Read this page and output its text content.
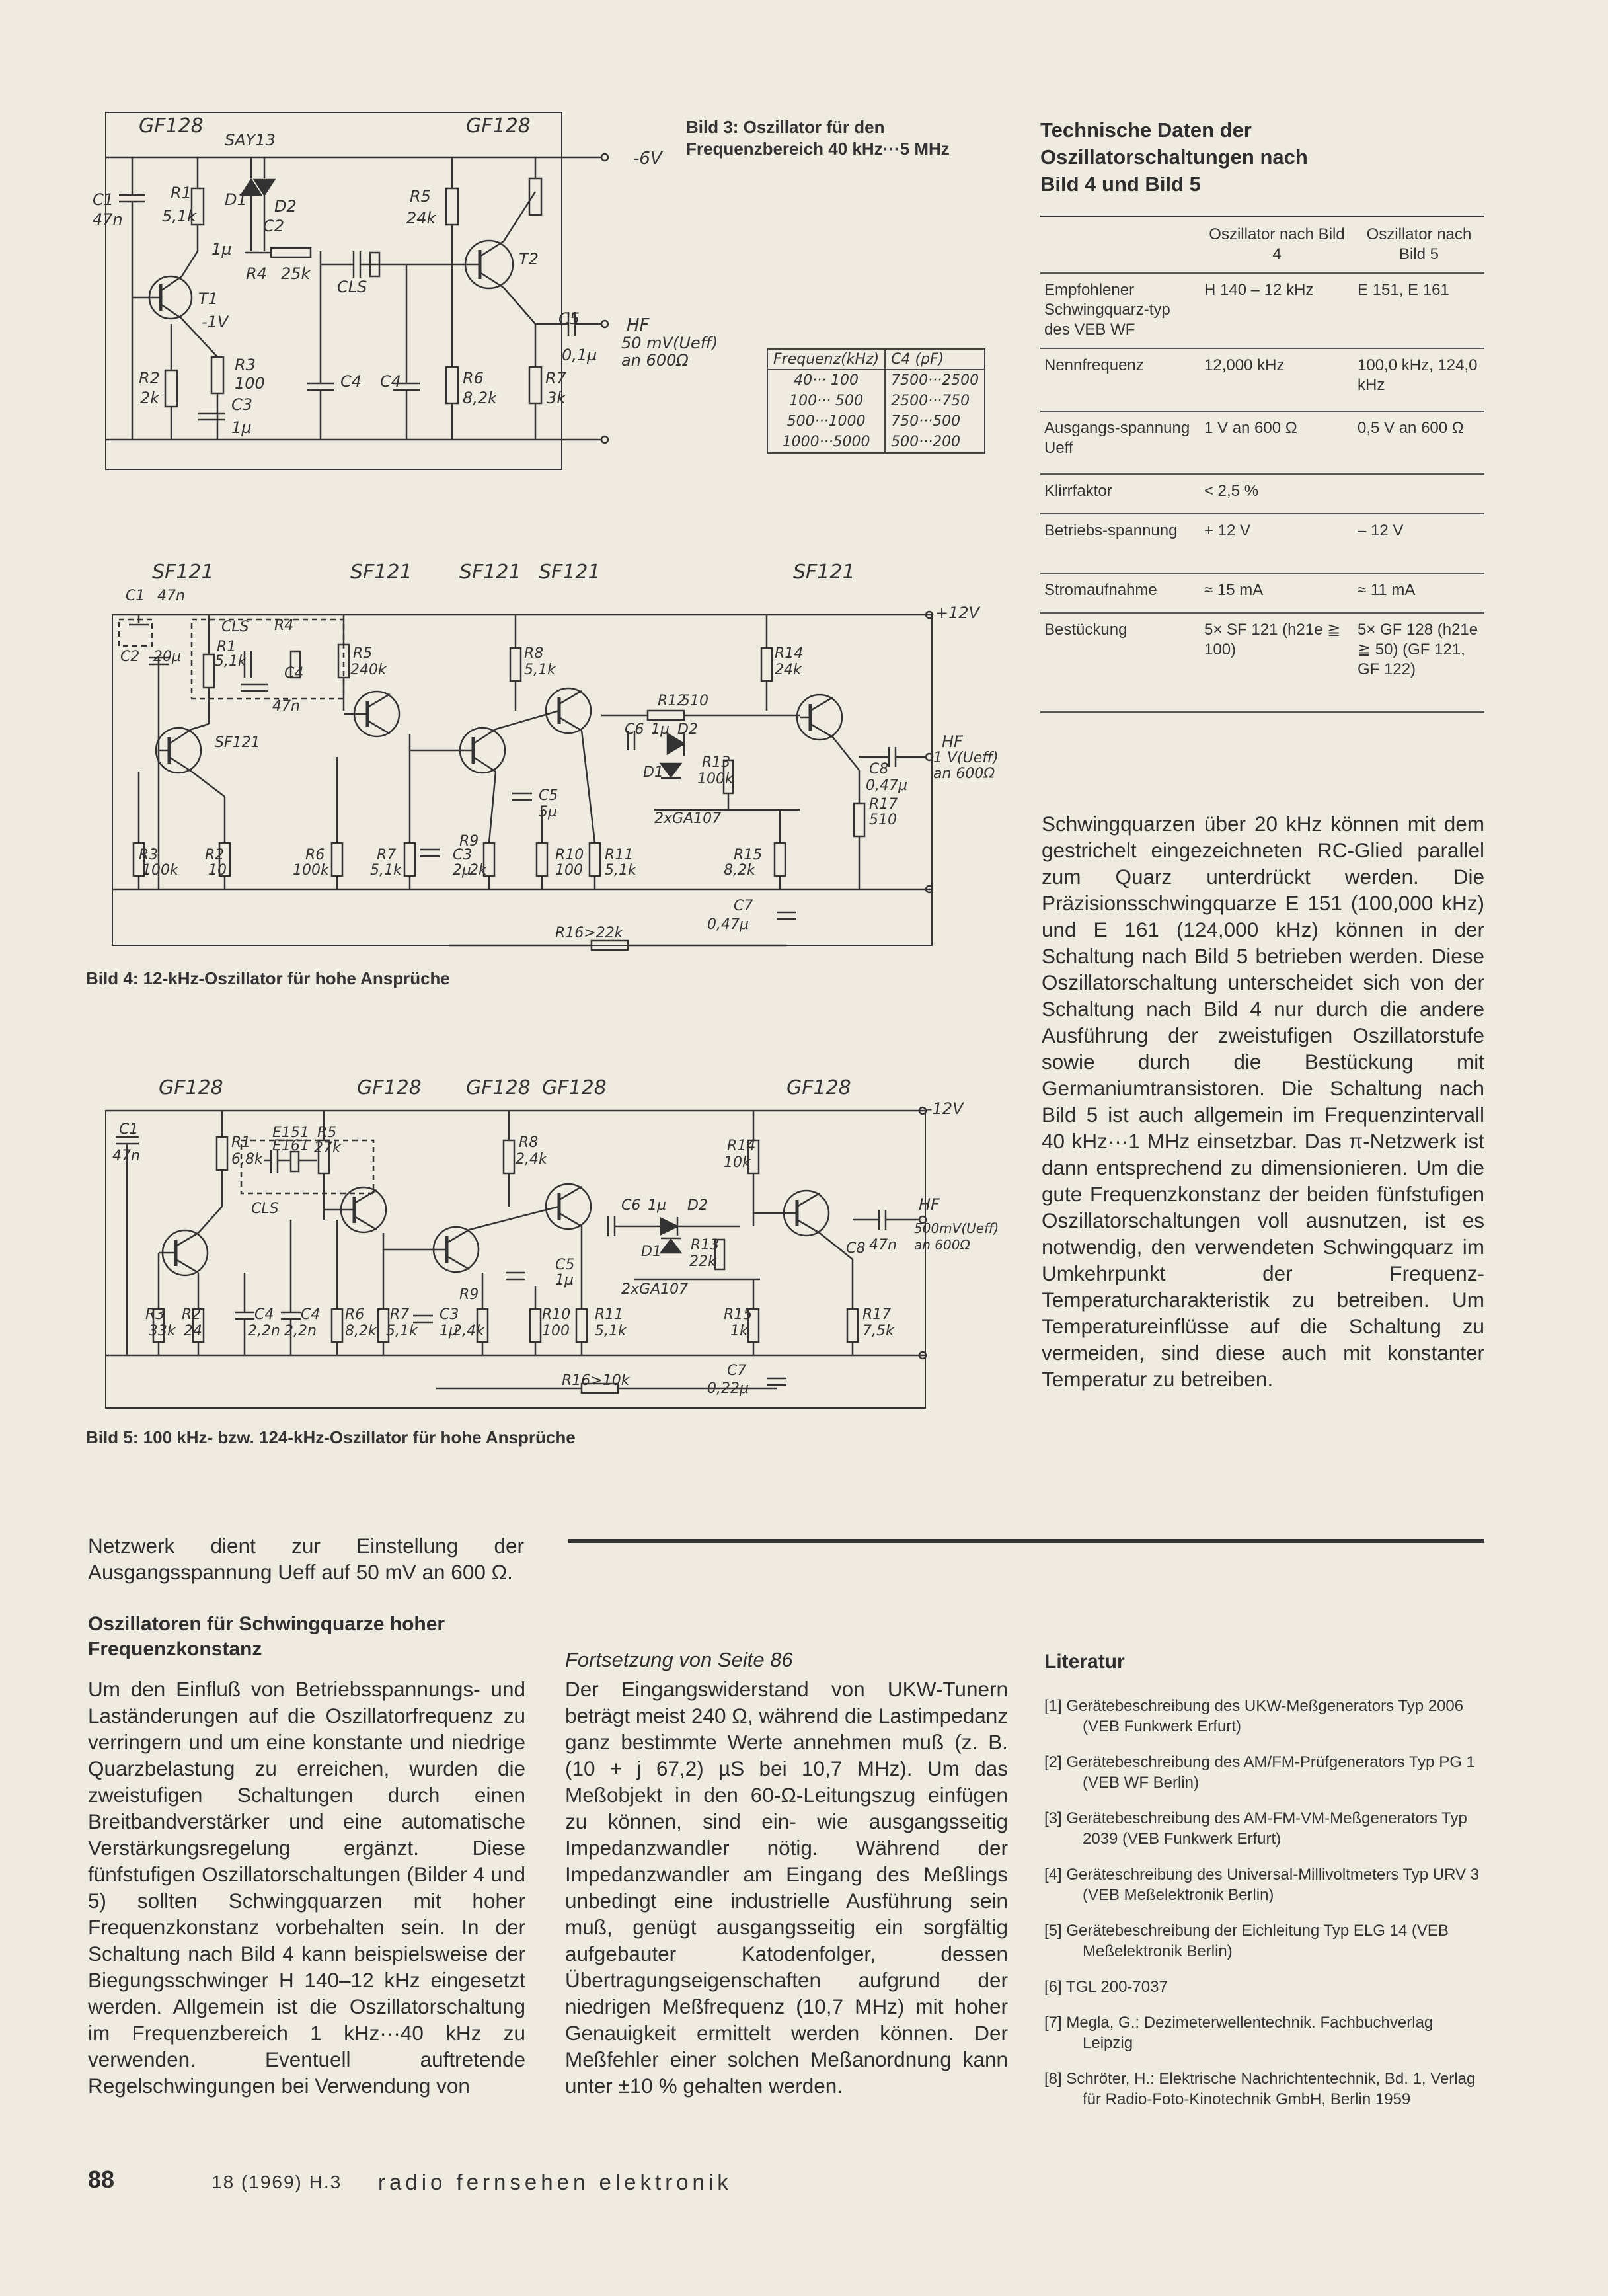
GF128	GF128
SAY13
-6V
C1
47n
R1
5,1k
D1 D2
C2
1µ
R4 25k
T1
-1V
R3
100
R2
2k	C3
1µ
C4 C4
CLS
R5
24k
R6
8,2k
R7
3k
T2
C5
0,1µ
HF
50 mV(Ueff)
an 600Ω
Bild 3: Oszillator für den Frequenzbereich 40 kHz···5 MHz
Frequenz(kHz)	C4 (pF)
40··· 100	7500···2500
100··· 500	2500···750
500···1000	750···500
1000···5000	500···200
SF121	SF121 SF121 SF121	SF121
+12V
C1 47n
C2 20µ
CLS R4
R1
5,1k
C4
47n
R5
240k
R8
5,1k
R12
510
R14
24k
C6 1µ D2
D1
R13
100k
2xGA107
C5
5µ
C8
0,47µ
R17
510
HF
1 V(Ueff)
an 600Ω
SF121
R3
100k
R2
10
R6
100k
R7
5,1k
C3
2µ
R9
2k
R10
100
R11
5,1k
R15
8,2k
C7
0,47µ
R16>22k
Bild 4: 12-kHz-Oszillator für hohe Ansprüche
GF128	GF128 GF128 GF128	GF128
-12V
C1
47n
R1
6,8k
E151
E161
R5
27k
CLS
R8
2,4k
R14
10k
C6 1µ D2
D1 R13
22k
2xGA107
C5
1µ
C8 47n
HF
500mV(Ueff)
an 600Ω
R3
33k
R2
24
C4
2,2n
C4
2,2n
R6
8,2k
R7
5,1k
C3
1µ
R9
2,4k
R10
100
R11
5,1k
R15
1k
R17
7,5k
C7
0,22µ
R16>10k
Bild 5: 100 kHz- bzw. 124-kHz-Oszillator für hohe Ansprüche
Technische Daten der Oszillatorschaltungen nach Bild 4 und Bild 5
	Oszillator nach Bild 4	Oszillator nach Bild 5
Empfohlener Schwingquarz-typ des VEB WF	H 140 – 12 kHz	E 151, E 161
Nennfrequenz	12,000 kHz	100,0 kHz, 124,0 kHz
Ausgangs-spannung Ueff	1 V an 600 Ω	0,5 V an 600 Ω
Klirrfaktor	< 2,5 %	
Betriebs-spannung	+ 12 V	– 12 V
Stromaufnahme	≈ 15 mA	≈ 11 mA
Bestückung	5× SF 121 (h21e ≧ 100)	5× GF 128 (h21e ≧ 50) (GF 121, GF 122)

Schwingquarzen über 20 kHz können mit dem gestrichelt eingezeichneten RC-Glied parallel zum Quarz unterdrückt werden. Die Präzisionsschwingquarze E 151 (100,000 kHz) und E 161 (124,000 kHz) können in der Schaltung nach Bild 5 betrieben werden. Diese Oszillatorschaltung unterscheidet sich von der Schaltung nach Bild 4 nur durch die andere Ausführung der zweistufigen Oszillatorstufe sowie durch die Bestückung mit Germaniumtransistoren. Die Schaltung nach Bild 5 ist auch allgemein im Frequenzintervall 40 kHz···1 MHz einsetzbar. Das π-Netzwerk ist dann entsprechend zu dimensionieren. Um die gute Frequenzkonstanz der beiden fünfstufigen Oszillatorschaltungen voll ausnutzen, ist es notwendig, den verwendeten Schwingquarz im Umkehrpunkt der Frequenz-Temperaturcharakteristik zu betreiben. Um Temperatureinflüsse auf die Schaltung zu vermeiden, sind diese auch mit konstanter Temperatur zu betreiben.

Netzwerk dient zur Einstellung der Ausgangsspannung Ueff auf 50 mV an 600 Ω.

Oszillatoren für Schwingquarze hoher Frequenzkonstanz

Um den Einfluß von Betriebsspannungs- und Laständerungen auf die Oszillatorfrequenz zu verringern und um eine konstante und niedrige Quarzbelastung zu erreichen, wurden die zweistufigen Schaltungen durch einen Breitbandverstärker und eine automatische Verstärkungsregelung ergänzt. Diese fünfstufigen Oszillatorschaltungen (Bilder 4 und 5) sollten Schwingquarzen mit hoher Frequenzkonstanz vorbehalten sein. In der Schaltung nach Bild 4 kann beispielsweise der Biegungsschwinger H 140–12 kHz eingesetzt werden. Allgemein ist die Oszillatorschaltung im Frequenzbereich 1 kHz···40 kHz zu verwenden. Eventuell auftretende Regelschwingungen bei Verwendung von

Fortsetzung von Seite 86

Der Eingangswiderstand von UKW-Tunern beträgt meist 240 Ω, während die Lastimpedanz ganz bestimmte Werte annehmen muß (z. B. (10 + j 67,2) µS bei 10,7 MHz). Um das Meßobjekt in den 60-Ω-Leitungszug einfügen zu können, sind ein- wie ausgangsseitig Impedanzwandler nötig. Während der Impedanzwandler am Eingang des Meßlings unbedingt eine industrielle Ausführung sein muß, genügt ausgangsseitig ein sorgfältig aufgebauter Katodenfolger, dessen Übertragungseigenschaften aufgrund der niedrigen Meßfrequenz (10,7 MHz) mit hoher Genauigkeit ermittelt werden können. Der Meßfehler einer solchen Meßanordnung kann unter ±10 % gehalten werden.

Literatur
[1] Gerätebeschreibung des UKW-Meßgenerators Typ 2006 (VEB Funkwerk Erfurt)
[2] Gerätebeschreibung des AM/FM-Prüfgenerators Typ PG 1 (VEB WF Berlin)
[3] Gerätebeschreibung des AM-FM-VM-Meßgenerators Typ 2039 (VEB Funkwerk Erfurt)
[4] Geräteschreibung des Universal-Millivoltmeters Typ URV 3 (VEB Meßelektronik Berlin)
[5] Gerätebeschreibung der Eichleitung Typ ELG 14 (VEB Meßelektronik Berlin)
[6] TGL 200-7037
[7] Megla, G.: Dezimeterwellentechnik. Fachbuchverlag Leipzig
[8] Schröter, H.: Elektrische Nachrichtentechnik, Bd. 1, Verlag für Radio-Foto-Kinotechnik GmbH, Berlin 1959
88	18 (1969) H.3 radio fernsehen elektronik
